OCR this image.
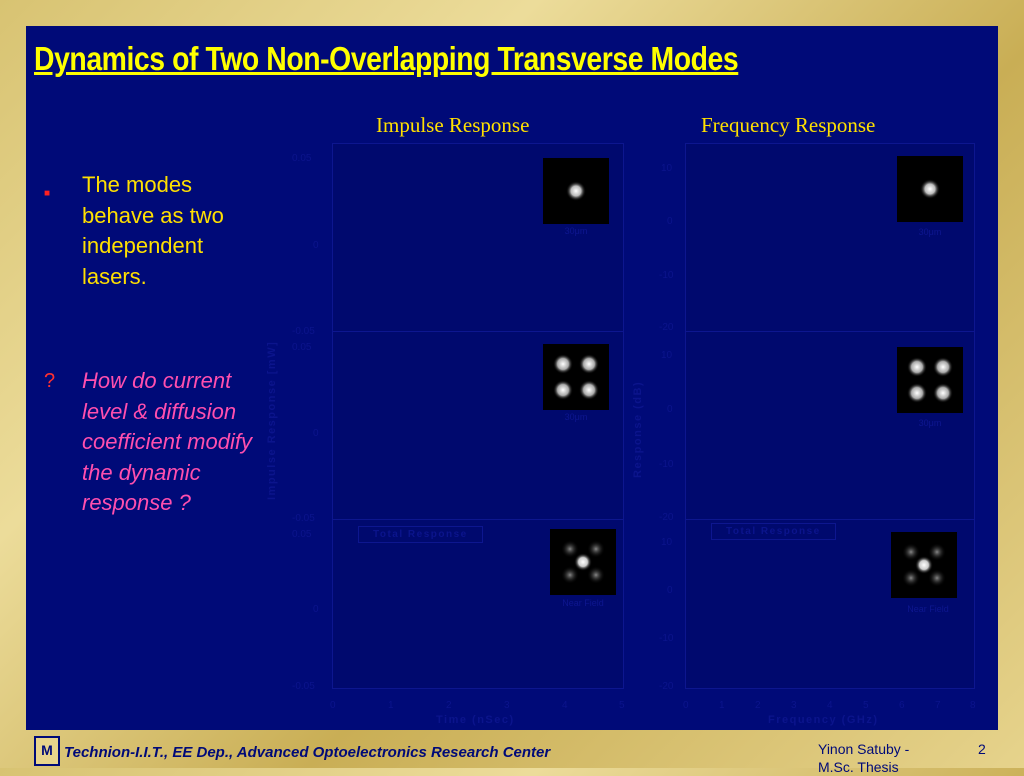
Dynamics of Two Non-Overlapping Transverse Modes
Impulse Response	Frequency Response
■ The modes behave as two independent lasers.
? How do current level & diffusion coefficient modify the dynamic response ?
0.05
0
-0.05
0.05
0
-0.05
0.05
0
-0.05
0	1	2	3	4	5
Impulse Response [mW]
Time (nSec)
30μm
30μm
Near Field
Total Response
10
0
-10
-20
10
0
-10
-20
10
0
-10
-20
0	1	2	3	4	5	6	7	8
Response (dB)
Frequency (GHz)
30μm
30μm
Near Field
Total Response
M Technion-I.I.T., EE Dep., Advanced Optoelectronics Research Center	Yinon Satuby - M.Sc. Thesis
2
